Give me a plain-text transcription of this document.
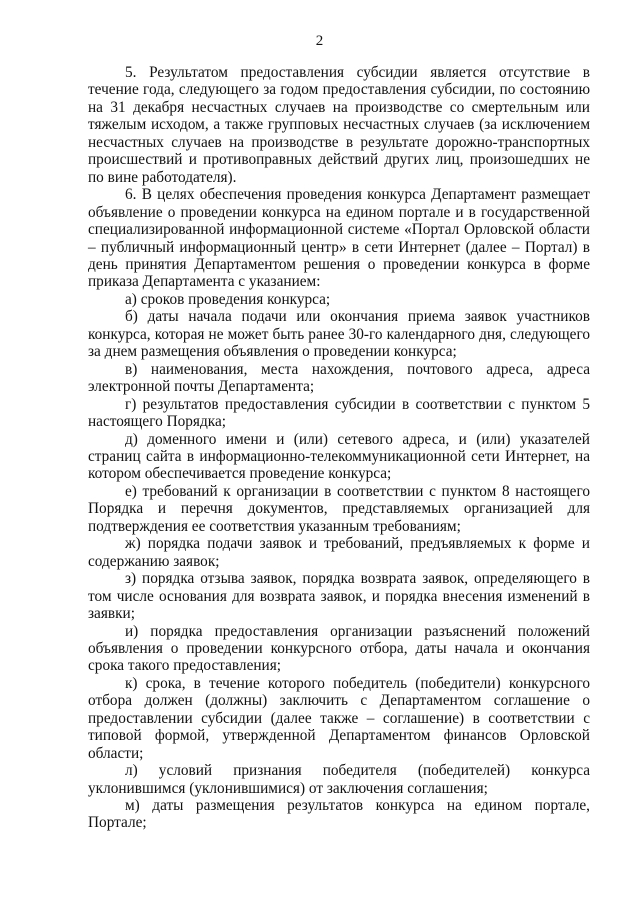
2

5. Результатом предоставления субсидии является отсутствие в течение года, следующего за годом предоставления субсидии, по состоянию на 31 декабря несчастных случаев на производстве со смертельным или тяжелым исходом, а также групповых несчастных случаев (за исключением несчастных случаев на производстве в результате дорожно-транспортных происшествий и противоправных действий других лиц, произошедших не по вине работодателя).

6. В целях обеспечения проведения конкурса Департамент размещает объявление о проведении конкурса на едином портале и в государственной специализированной информационной системе «Портал Орловской области – публичный информационный центр» в сети Интернет (далее – Портал) в день принятия Департаментом решения о проведении конкурса в форме приказа Департамента с указанием:

а) сроков проведения конкурса;

б) даты начала подачи или окончания приема заявок участников конкурса, которая не может быть ранее 30-го календарного дня, следующего за днем размещения объявления о проведении конкурса;

в) наименования, места нахождения, почтового адреса, адреса электронной почты Департамента;

г) результатов предоставления субсидии в соответствии с пунктом 5 настоящего Порядка;

д) доменного имени и (или) сетевого адреса, и (или) указателей страниц сайта в информационно-телекоммуникационной сети Интернет, на котором обеспечивается проведение конкурса;

е) требований к организации в соответствии с пунктом 8 настоящего Порядка и перечня документов, представляемых организацией для подтверждения ее соответствия указанным требованиям;

ж) порядка подачи заявок и требований, предъявляемых к форме и содержанию заявок;

з) порядка отзыва заявок, порядка возврата заявок, определяющего в том числе основания для возврата заявок, и порядка внесения изменений в заявки;

и) порядка предоставления организации разъяснений положений объявления о проведении конкурсного отбора, даты начала и окончания срока такого предоставления;

к) срока, в течение которого победитель (победители) конкурсного отбора должен (должны) заключить с Департаментом соглашение о предоставлении субсидии (далее также – соглашение) в соответствии с типовой формой, утвержденной Департаментом финансов Орловской области;

л) условий признания победителя (победителей) конкурса уклонившимся (уклонившимися) от заключения соглашения;

м) даты размещения результатов конкурса на едином портале, Портале;
